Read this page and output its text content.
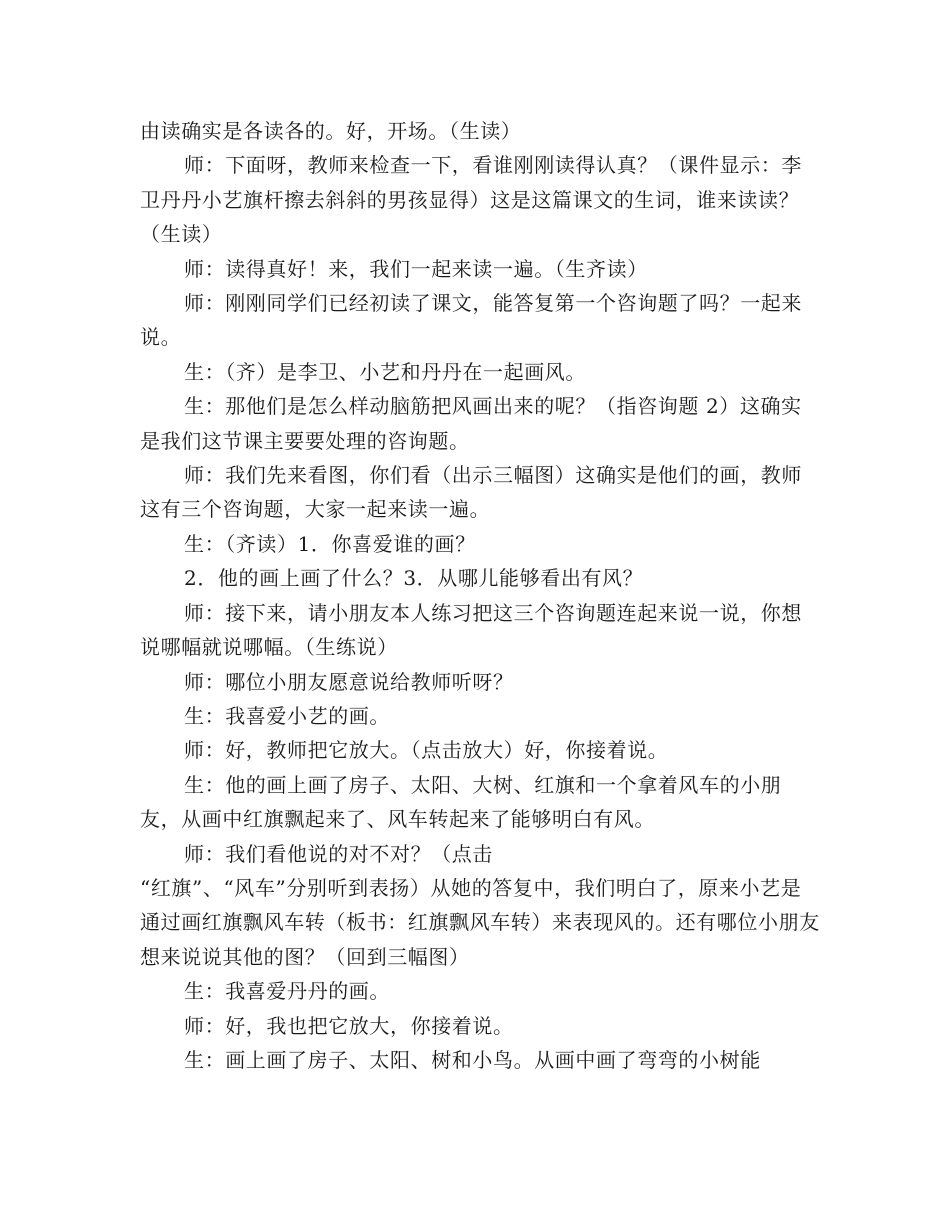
由读确实是各读各的。好，开场。（生读）

师：下面呀，教师来检查一下，看谁刚刚读得认真？（课件显示：李卫丹丹小艺旗杆擦去斜斜的男孩显得）这是这篇课文的生词，谁来读读？（生读）

师：读得真好！来，我们一起来读一遍。（生齐读）

师：刚刚同学们已经初读了课文，能答复第一个咨询题了吗？一起来说。

生：（齐）是李卫、小艺和丹丹在一起画风。

生：那他们是怎么样动脑筋把风画出来的呢？（指咨询题 2）这确实是我们这节课主要要处理的咨询题。

师：我们先来看图，你们看（出示三幅图）这确实是他们的画，教师这有三个咨询题，大家一起来读一遍。

生：（齐读）1．你喜爱谁的画？

2．他的画上画了什么？3．从哪儿能够看出有风？

师：接下来，请小朋友本人练习把这三个咨询题连起来说一说，你想说哪幅就说哪幅。（生练说）

师：哪位小朋友愿意说给教师听呀？

生：我喜爱小艺的画。

师：好，教师把它放大。（点击放大）好，你接着说。

生：他的画上画了房子、太阳、大树、红旗和一个拿着风车的小朋友，从画中红旗飘起来了、风车转起来了能够明白有风。

师：我们看他说的对不对？（点击

“红旗”、“风车”分别听到表扬）从她的答复中，我们明白了，原来小艺是通过画红旗飘风车转（板书：红旗飘风车转）来表现风的。还有哪位小朋友想来说说其他的图？（回到三幅图）

生：我喜爱丹丹的画。

师：好，我也把它放大，你接着说。

生：画上画了房子、太阳、树和小鸟。从画中画了弯弯的小树能
